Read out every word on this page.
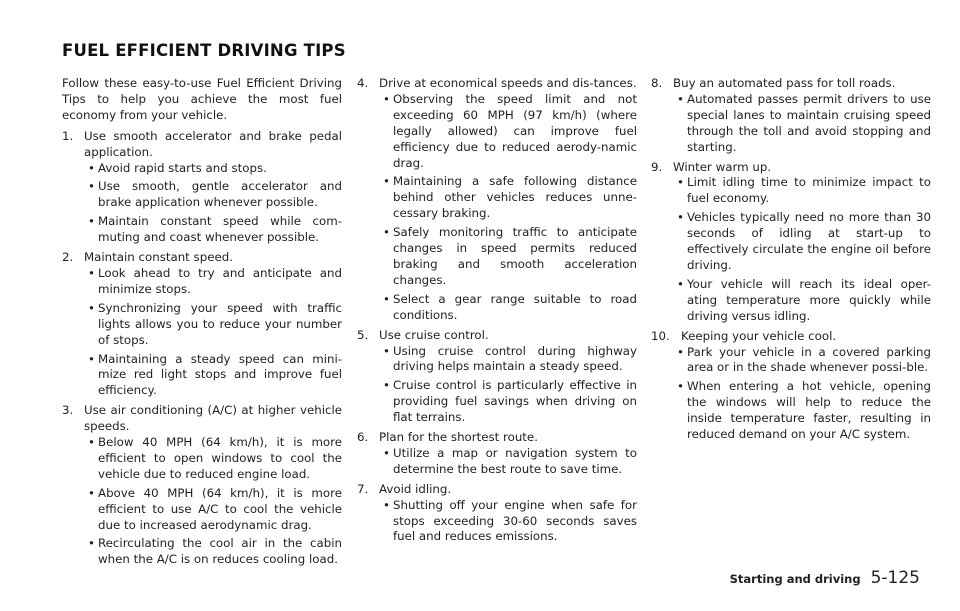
FUEL EFFICIENT DRIVING TIPS

Follow these easy-to-use Fuel Efficient Driving Tips to help you achieve the most fuel economy from your vehicle.

1. Use smooth accelerator and brake pedal application.
• Avoid rapid starts and stops.
• Use smooth, gentle accelerator and brake application whenever possible.
• Maintain constant speed while com-muting and coast whenever possible.
2. Maintain constant speed.
• Look ahead to try and anticipate and minimize stops.
• Synchronizing your speed with traffic lights allows you to reduce your number of stops.
• Maintaining a steady speed can mini-mize red light stops and improve fuel efficiency.
3. Use air conditioning (A/C) at higher vehicle speeds.
• Below 40 MPH (64 km/h), it is more efficient to open windows to cool the vehicle due to reduced engine load.
• Above 40 MPH (64 km/h), it is more efficient to use A/C to cool the vehicle due to increased aerodynamic drag.
• Recirculating the cool air in the cabin when the A/C is on reduces cooling load.
4. Drive at economical speeds and dis-tances.
• Observing the speed limit and not exceeding 60 MPH (97 km/h) (where legally allowed) can improve fuel efficiency due to reduced aerody-namic drag.
• Maintaining a safe following distance behind other vehicles reduces unne-cessary braking.
• Safely monitoring traffic to anticipate changes in speed permits reduced braking and smooth acceleration changes.
• Select a gear range suitable to road conditions.
5. Use cruise control.
• Using cruise control during highway driving helps maintain a steady speed.
• Cruise control is particularly effective in providing fuel savings when driving on flat terrains.
6. Plan for the shortest route.
• Utilize a map or navigation system to determine the best route to save time.
7. Avoid idling.
• Shutting off your engine when safe for stops exceeding 30-60 seconds saves fuel and reduces emissions.
8. Buy an automated pass for toll roads.
• Automated passes permit drivers to use special lanes to maintain cruising speed through the toll and avoid stopping and starting.
9. Winter warm up.
• Limit idling time to minimize impact to fuel economy.
• Vehicles typically need no more than 30 seconds of idling at start-up to effectively circulate the engine oil before driving.
• Your vehicle will reach its ideal oper-ating temperature more quickly while driving versus idling.
10. Keeping your vehicle cool.
• Park your vehicle in a covered parking area or in the shade whenever possi-ble.
• When entering a hot vehicle, opening the windows will help to reduce the inside temperature faster, resulting in reduced demand on your A/C system.
Starting and driving 5-125
